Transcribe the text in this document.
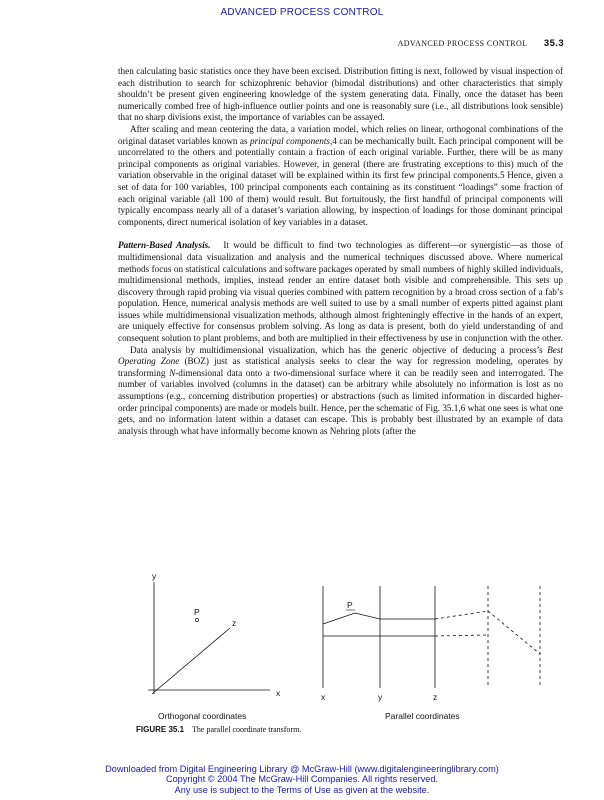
ADVANCED PROCESS CONTROL
ADVANCED PROCESS CONTROL 35.3

then calculating basic statistics once they have been excised. Distribution fitting is next, followed by visual inspection of each distribution to search for schizophrenic behavior (bimodal distributions) and other characteristics that simply shouldn’t be present given engineering knowledge of the system generating data. Finally, once the dataset has been numerically combed free of high-influence outlier points and one is reasonably sure (i.e., all distributions look sensible) that no sharp divisions exist, the importance of variables can be assayed.

After scaling and mean centering the data, a variation model, which relies on linear, orthogonal combinations of the original dataset variables known as principal components,4 can be mechanically built. Each principal component will be uncorrelated to the others and potentially contain a fraction of each original variable. Further, there will be as many principal components as original variables. However, in general (there are frustrating exceptions to this) much of the variation observable in the original dataset will be explained within its first few principal components.5 Hence, given a set of data for 100 variables, 100 principal components each containing as its constituent “loadings” some fraction of each original variable (all 100 of them) would result. But fortuitously, the first handful of principal components will typically encompass nearly all of a dataset’s variation allowing, by inspection of loadings for those dominant principal components, direct numerical isolation of key variables in a dataset.

Pattern-Based Analysis. It would be difficult to find two technologies as different—or synergistic—as those of multidimensional data visualization and analysis and the numerical techniques discussed above. Where numerical methods focus on statistical calculations and software packages operated by small numbers of highly skilled individuals, multidimensional methods, implies, instead render an entire dataset both visible and comprehensible. This sets up discovery through rapid probing via visual queries combined with pattern recognition by a broad cross section of a fab’s population. Hence, numerical analysis methods are well suited to use by a small number of experts pitted against plant issues while multidimensional visualization methods, although almost frighteningly effective in the hands of an expert, are uniquely effective for consensus problem solving. As long as data is present, both do yield understanding of and consequent solution to plant problems, and both are multiplied in their effectiveness by use in conjunction with the other.

Data analysis by multidimensional visualization, which has the generic objective of deducing a process’s Best Operating Zone (BOZ) just as statistical analysis seeks to clear the way for regression modeling, operates by transforming N-dimensional data onto a two-dimensional surface where it can be readily seen and interrogated. The number of variables involved (columns in the dataset) can be arbitrary while absolutely no information is lost as no assumptions (e.g., concerning distribution properties) or abstractions (such as limited information in discarded higher-order principal components) are made or models built. Hence, per the schematic of Fig. 35.1,6 what one sees is what one gets, and no information latent within a dataset can escape. This is probably best illustrated by an example of data analysis through what have informally become known as Nehring plots (after the

y
x
z
P
P
x	y	z
Orthogonal coordinates	Parallel coordinates
FIGURE 35.1 The parallel coordinate transform.
Downloaded from Digital Engineering Library @ McGraw-Hill (www.digitalengineeringlibrary.com)
Copyright © 2004 The McGraw-Hill Companies. All rights reserved.
Any use is subject to the Terms of Use as given at the website.
